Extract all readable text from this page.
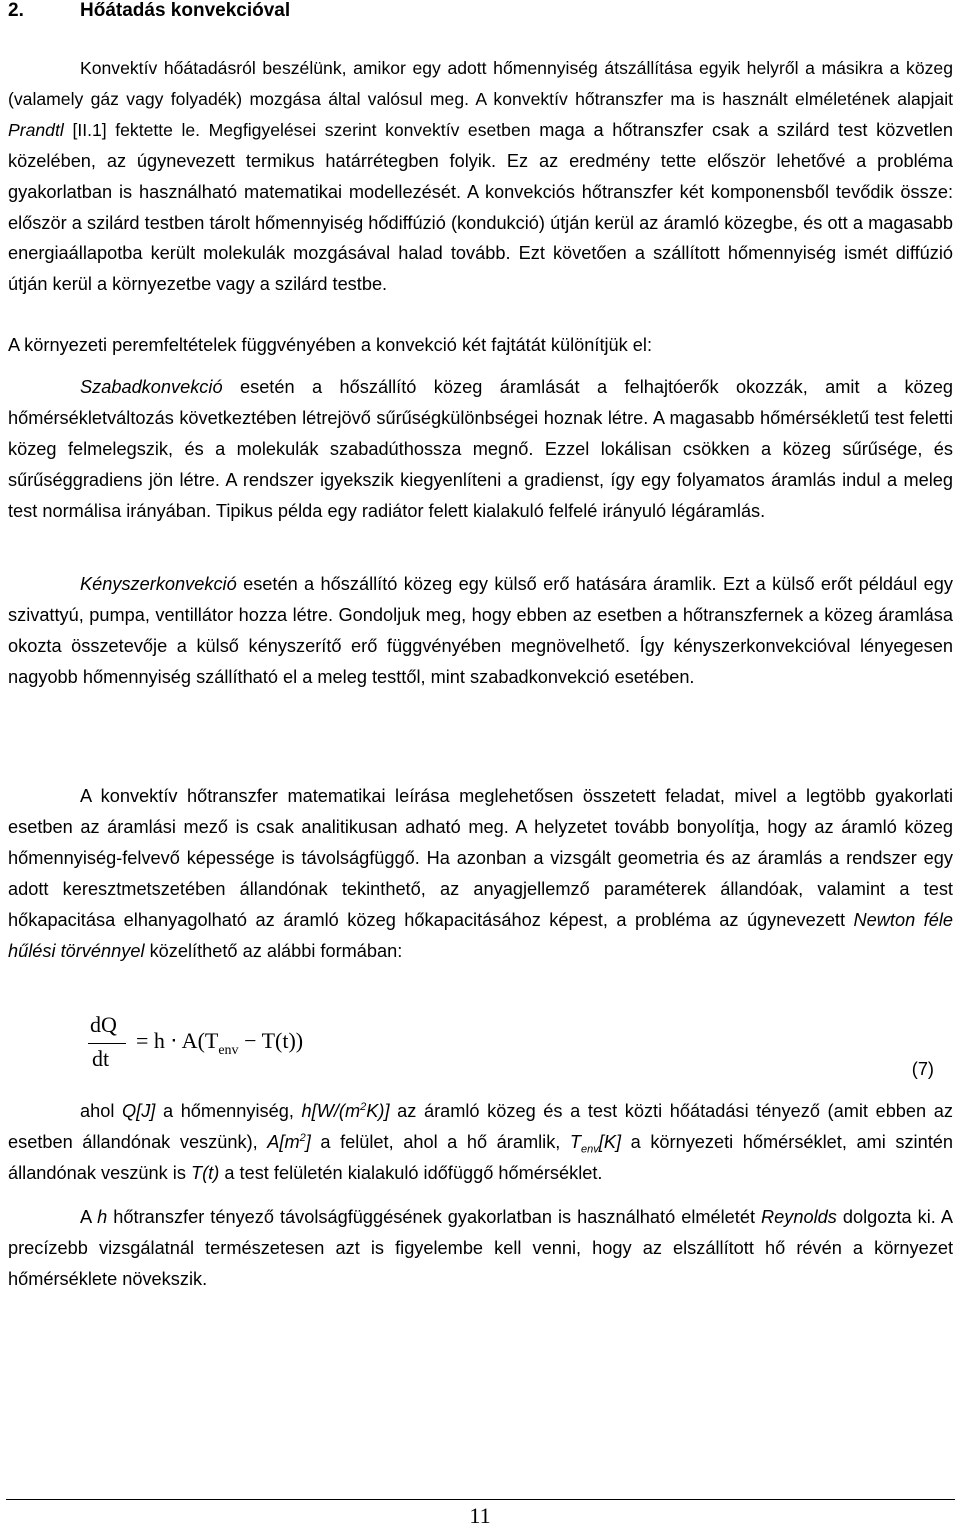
2.	Hőátadás konvekcióval

Konvektív hőátadásról beszélünk, amikor egy adott hőmennyiség átszállítása egyik helyről a másikra a közeg (valamely gáz vagy folyadék) mozgása által valósul meg. A konvektív hőtranszfer ma is használt elméletének alapjait Prandtl [II.1] fektette le. Megfigyelései szerint konvektív esetben maga a hőtranszfer csak a szilárd test közvetlen közelében, az úgynevezett termikus határrétegben folyik. Ez az eredmény tette először lehetővé a probléma gyakorlatban is használható matematikai modellezését. A konvekciós hőtranszfer két komponensből tevődik össze: először a szilárd testben tárolt hőmennyiség hődiffúzió (kondukció) útján kerül az áramló közegbe, és ott a magasabb energiaállapotba került molekulák mozgásával halad tovább. Ezt követően a szállított hőmennyiség ismét diffúzió útján kerül a környezetbe vagy a szilárd testbe.

A környezeti peremfeltételek függvényében a konvekció két fajtátát különítjük el:

Szabadkonvekció esetén a hőszállító közeg áramlását a felhajtóerők okozzák, amit a közeg hőmérsékletváltozás következtében létrejövő sűrűségkülönbségei hoznak létre. A magasabb hőmérsékletű test feletti közeg felmelegszik, és a molekulák szabadúthossza megnő. Ezzel lokálisan csökken a közeg sűrűsége, és sűrűséggradiens jön létre. A rendszer igyekszik kiegyenlíteni a gradienst, így egy folyamatos áramlás indul a meleg test normálisa irányában. Tipikus példa egy radiátor felett kialakuló felfelé irányuló légáramlás.

Kényszerkonvekció esetén a hőszállító közeg egy külső erő hatására áramlik. Ezt a külső erőt például egy szivattyú, pumpa, ventillátor hozza létre. Gondoljuk meg, hogy ebben az esetben a hőtranszfernek a közeg áramlása okozta összetevője a külső kényszerítő erő függvényében megnövelhető. Így kényszerkonvekcióval lényegesen nagyobb hőmennyiség szállítható el a meleg testtől, mint szabadkonvekció esetében.

A konvektív hőtranszfer matematikai leírása meglehetősen összetett feladat, mivel a legtöbb gyakorlati esetben az áramlási mező is csak analitikusan adható meg. A helyzetet tovább bonyolítja, hogy az áramló közeg hőmennyiség-felvevő képessége is távolságfüggő. Ha azonban a vizsgált geometria és az áramlás a rendszer egy adott keresztmetszetében állandónak tekinthető, az anyagjellemző paraméterek állandóak, valamint a test hőkapacitása elhanyagolható az áramló közeg hőkapacitásához képest, a probléma az úgynevezett Newton féle hűlési törvénnyel közelíthető az alábbi formában:

dQ
dt
= $h \cdot A(T_{env} - T(t))$
(7)

ahol Q[J] a hőmennyiség, $h[W/(m^2K)]$ az áramló közeg és a test közti hőátadási tényező (amit ebben az esetben állandónak veszünk), $A[m^2]$ a felület, ahol a hő áramlik, $T_{env}[K]$ a környezeti hőmérséklet, ami szintén állandónak veszünk is T(t) a test felületén kialakuló időfüggő hőmérséklet.

A h hőtranszfer tényező távolságfüggésének gyakorlatban is használható elméletét Reynolds dolgozta ki. A precízebb vizsgálatnál természetesen azt is figyelembe kell venni, hogy az elszállított hő révén a környezet hőmérséklete növekszik.

11
